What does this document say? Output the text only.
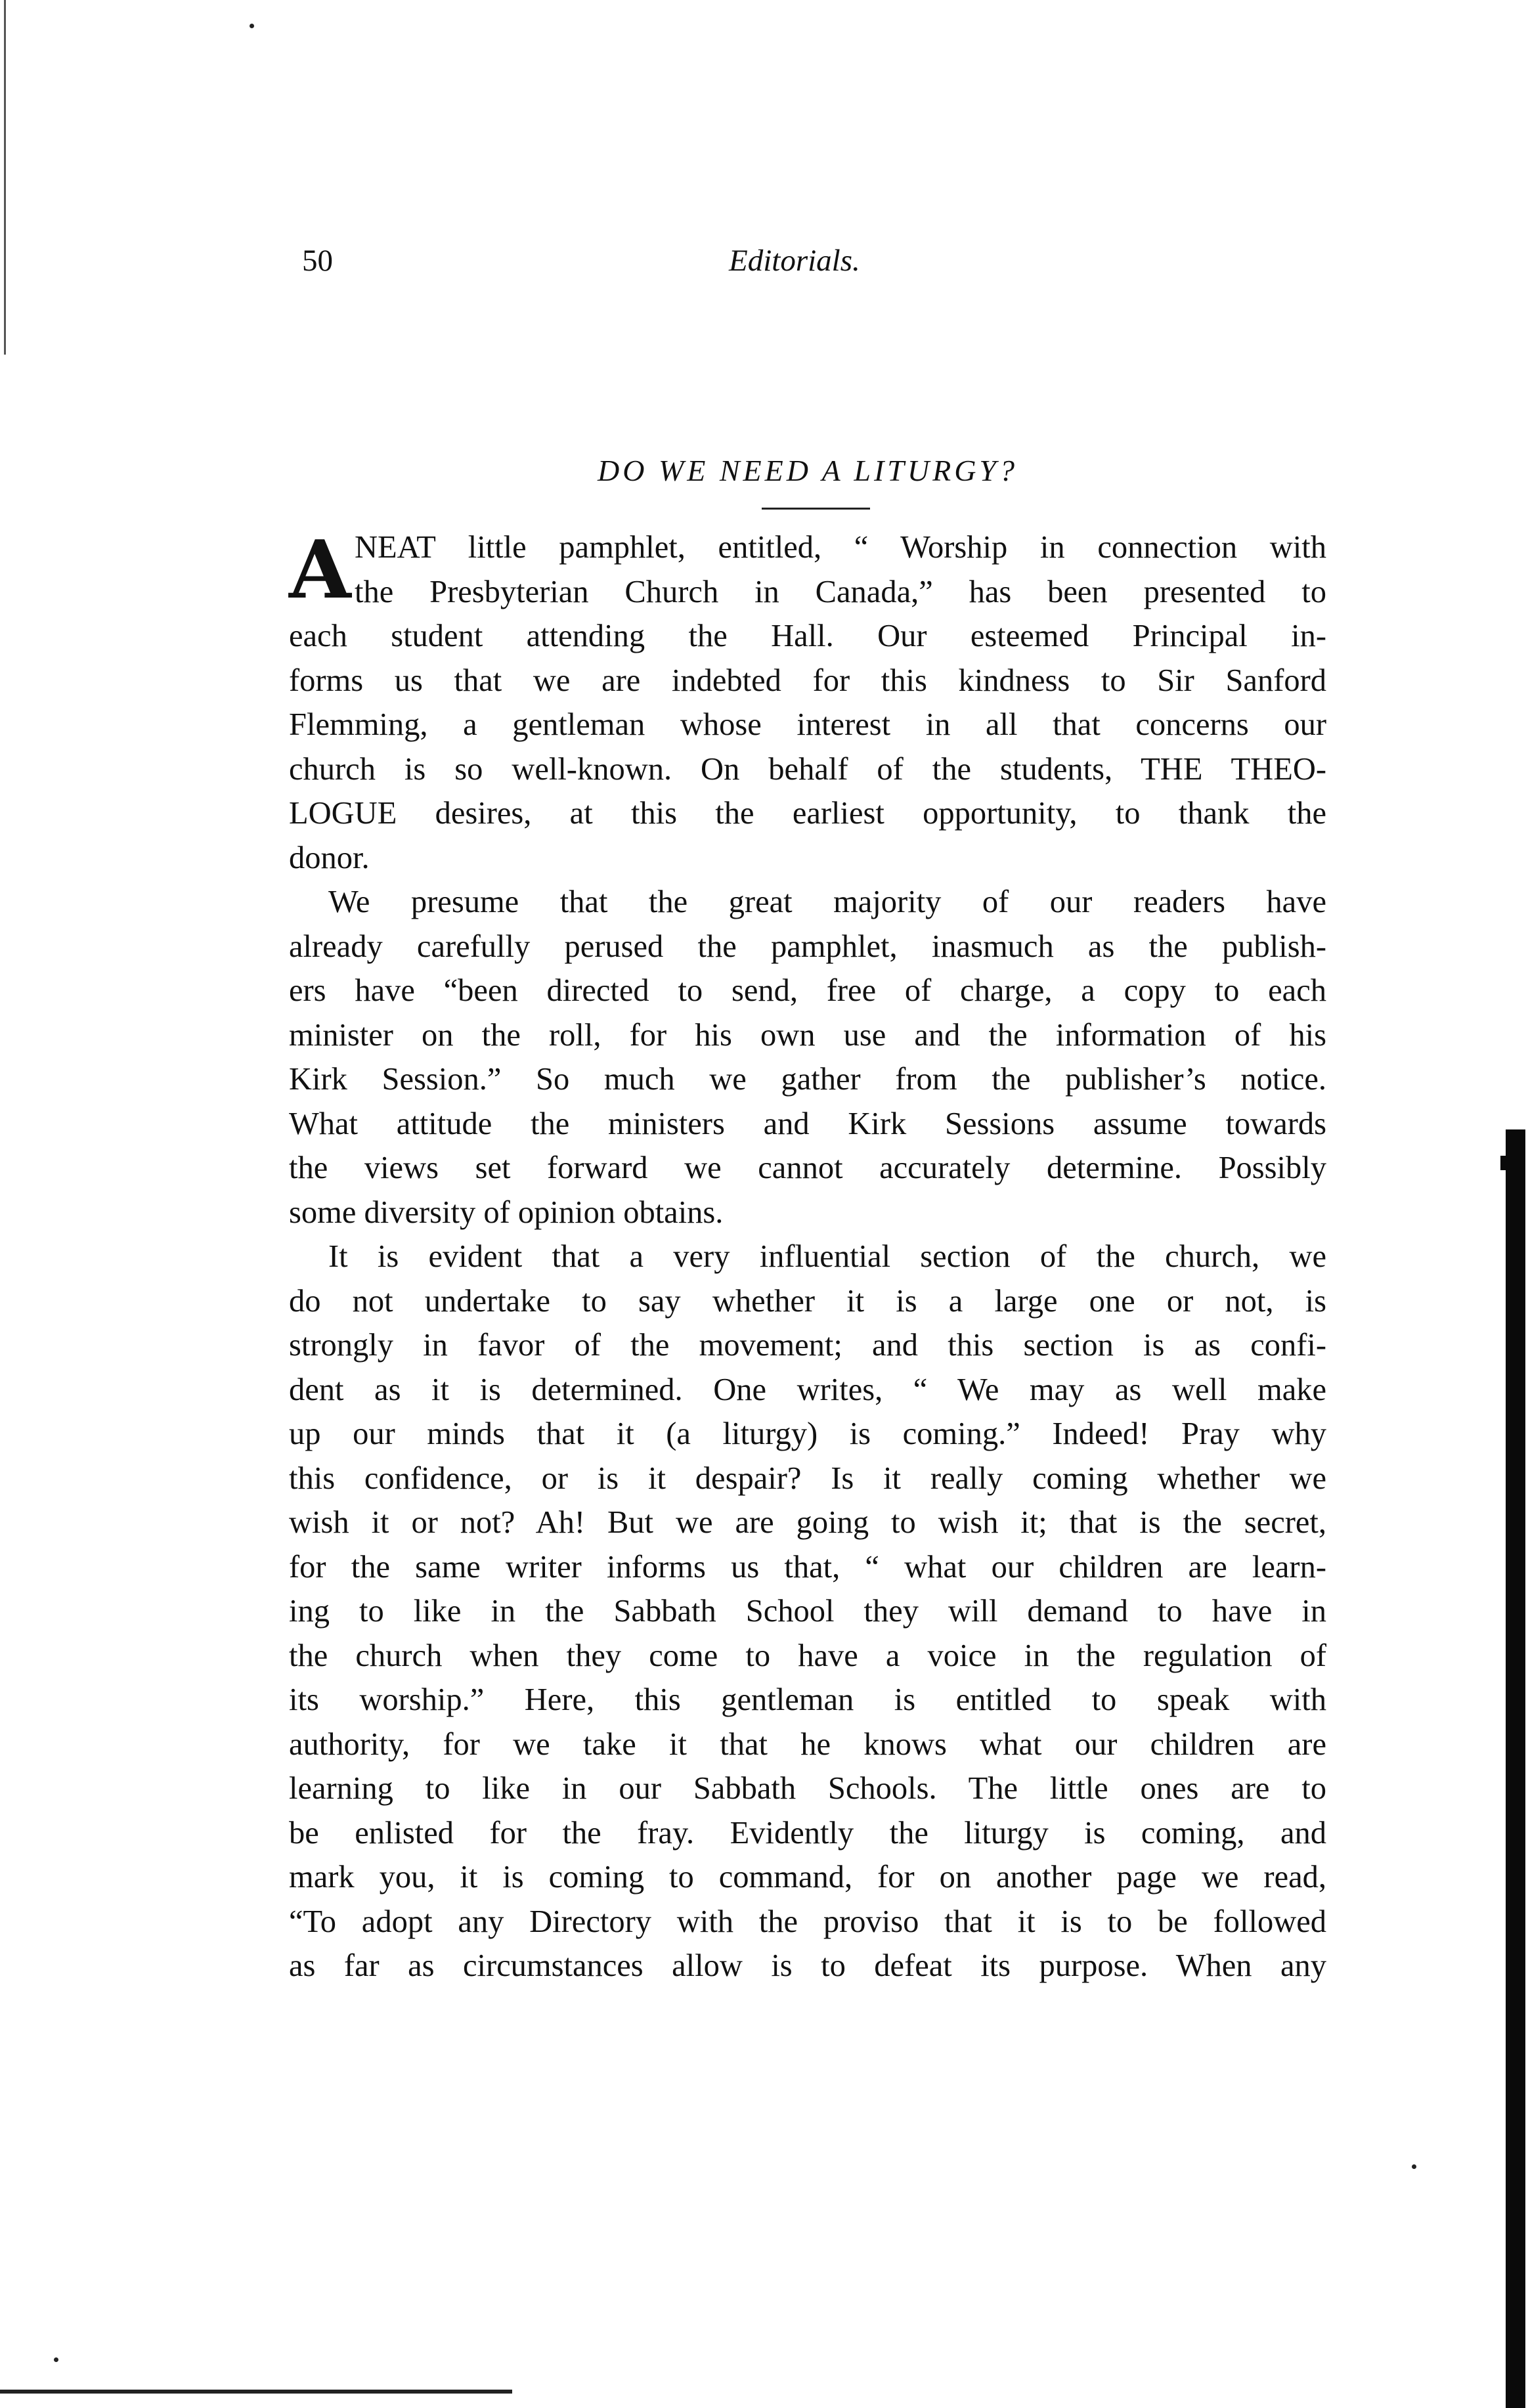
50	Editorials.
DO WE NEED A LITURGY?
A NEAT little pamphlet, entitled, “ Worship in connection with
the Presbyterian Church in Canada,” has been presented to
each student attending the Hall. Our esteemed Principal in-
forms us that we are indebted for this kindness to Sir Sanford
Flemming, a gentleman whose interest in all that concerns our
church is so well-known. On behalf of the students, THE THEO-
LOGUE desires, at this the earliest opportunity, to thank the
donor.
We presume that the great majority of our readers have
already carefully perused the pamphlet, inasmuch as the publish-
ers have “been directed to send, free of charge, a copy to each
minister on the roll, for his own use and the information of his
Kirk Session.” So much we gather from the publisher’s notice.
What attitude the ministers and Kirk Sessions assume towards
the views set forward we cannot accurately determine. Possibly
some diversity of opinion obtains.
It is evident that a very influential section of the church, we
do not undertake to say whether it is a large one or not, is
strongly in favor of the movement; and this section is as confi-
dent as it is determined. One writes, “ We may as well make
up our minds that it (a liturgy) is coming.” Indeed! Pray why
this confidence, or is it despair? Is it really coming whether we
wish it or not? Ah! But we are going to wish it; that is the secret,
for the same writer informs us that, “ what our children are learn-
ing to like in the Sabbath School they will demand to have in
the church when they come to have a voice in the regulation of
its worship.” Here, this gentleman is entitled to speak with
authority, for we take it that he knows what our children are
learning to like in our Sabbath Schools. The little ones are to
be enlisted for the fray. Evidently the liturgy is coming, and
mark you, it is coming to command, for on another page we read,
“To adopt any Directory with the proviso that it is to be followed
as far as circumstances allow is to defeat its purpose. When any
